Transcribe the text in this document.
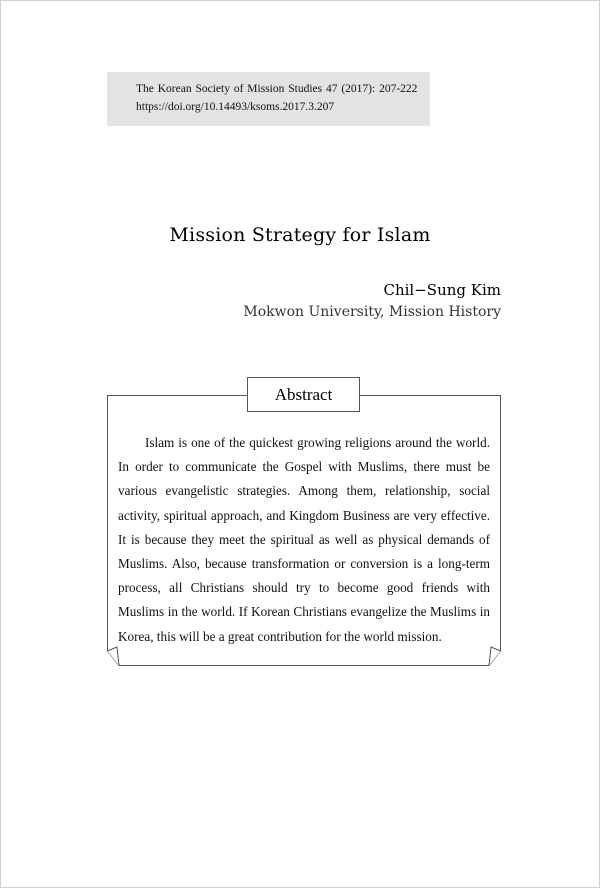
The Korean Society of Mission Studies 47 (2017): 207-222
https://doi.org/10.14493/ksoms.2017.3.207
Mission Strategy for Islam
Chil−Sung Kim
Mokwon University, Mission History
Abstract
Islam is one of the quickest growing religions around the world. In order to communicate the Gospel with Muslims, there must be various evangelistic strategies. Among them, relationship, social activity, spiritual approach, and Kingdom Business are very effective. It is because they meet the spiritual as well as physical demands of Muslims. Also, because transformation or conversion is a long-term process, all Christians should try to become good friends with Muslims in the world. If Korean Christians evangelize the Muslims in Korea, this will be a great contribution for the world mission.
